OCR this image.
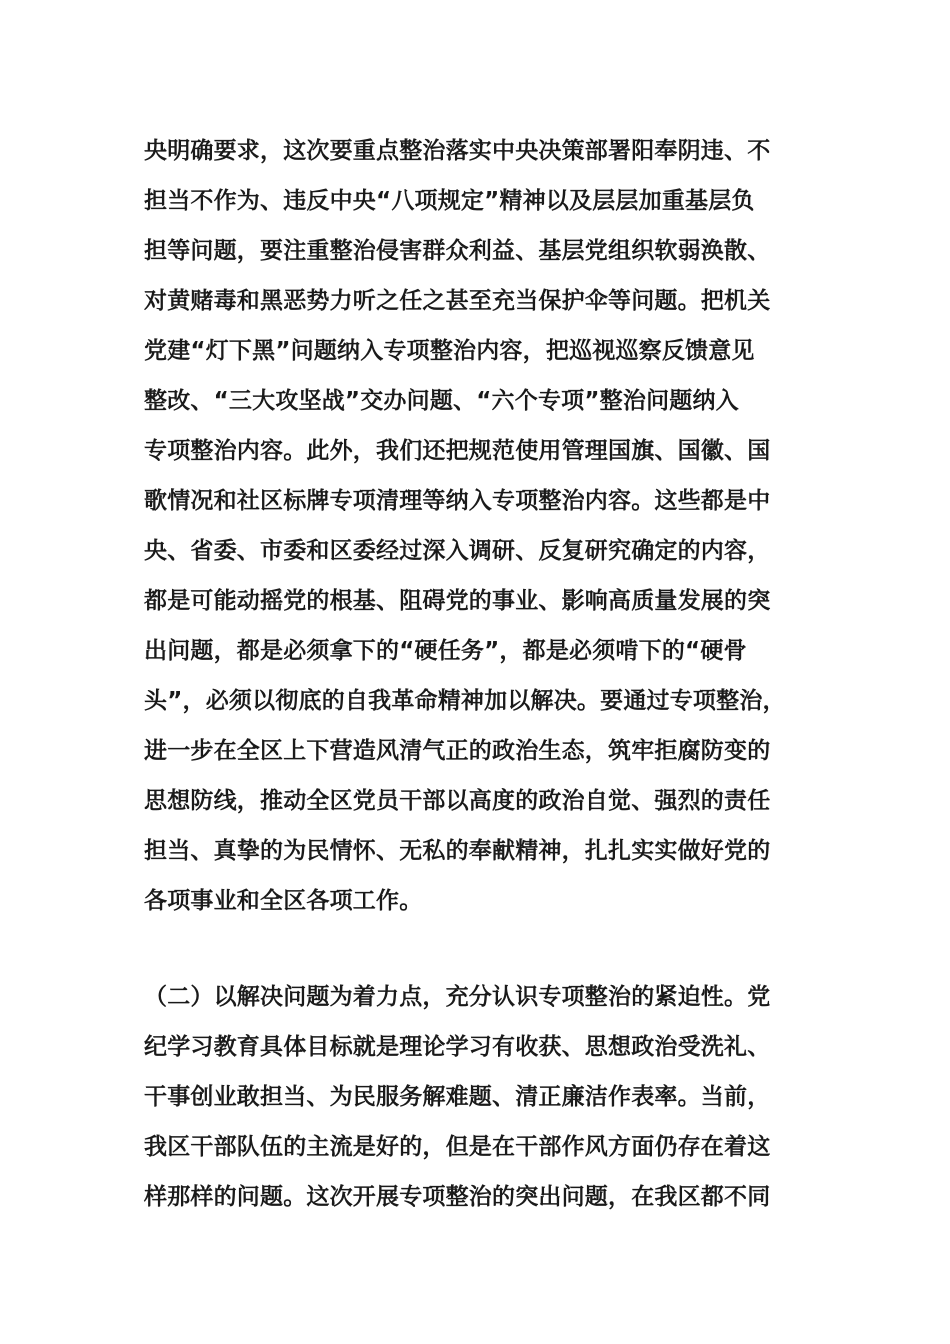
央明确要求，这次要重点整治落实中央决策部署阳奉阴违、不
担当不作为、违反中央“八项规定”精神以及层层加重基层负
担等问题，要注重整治侵害群众利益、基层党组织软弱涣散、
对黄赌毒和黑恶势力听之任之甚至充当保护伞等问题。把机关
党建“灯下黑”问题纳入专项整治内容，把巡视巡察反馈意见
整改、“三大攻坚战”交办问题、“六个专项”整治问题纳入
专项整治内容。此外，我们还把规范使用管理国旗、国徽、国
歌情况和社区标牌专项清理等纳入专项整治内容。这些都是中
央、省委、市委和区委经过深入调研、反复研究确定的内容，
都是可能动摇党的根基、阻碍党的事业、影响高质量发展的突
出问题，都是必须拿下的“硬任务”，都是必须啃下的“硬骨
头”，必须以彻底的自我革命精神加以解决。要通过专项整治，
进一步在全区上下营造风清气正的政治生态，筑牢拒腐防变的
思想防线，推动全区党员干部以高度的政治自觉、强烈的责任
担当、真挚的为民情怀、无私的奉献精神，扎扎实实做好党的
各项事业和全区各项工作。
（二）以解决问题为着力点，充分认识专项整治的紧迫性。党
纪学习教育具体目标就是理论学习有收获、思想政治受洗礼、
干事创业敢担当、为民服务解难题、清正廉洁作表率。当前，
我区干部队伍的主流是好的，但是在干部作风方面仍存在着这
样那样的问题。这次开展专项整治的突出问题，在我区都不同
